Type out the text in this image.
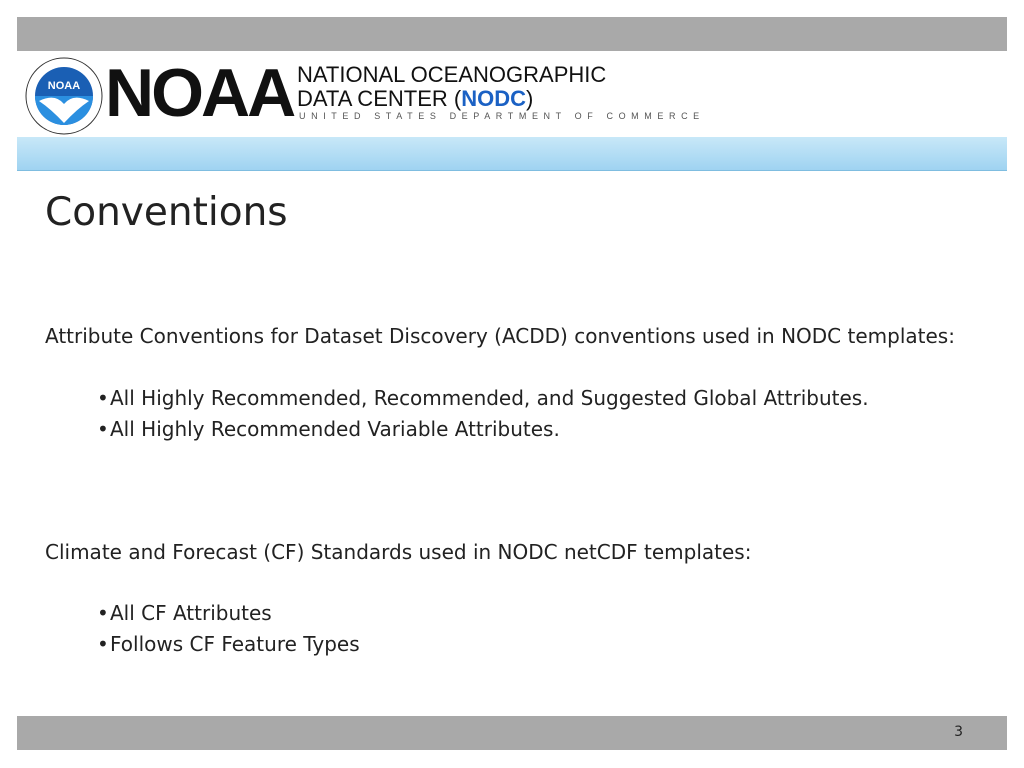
NOAA NOAA NATIONAL OCEANOGRAPHIC
DATA CENTER (NODC)
UNITED STATES DEPARTMENT OF COMMERCE
Conventions
Attribute Conventions for Dataset Discovery (ACDD) conventions used in NODC templates:
•All Highly Recommended, Recommended, and Suggested Global Attributes.
•All Highly Recommended Variable Attributes.
Climate and Forecast (CF) Standards used in NODC netCDF templates:
•All CF Attributes
•Follows CF Feature Types
3
